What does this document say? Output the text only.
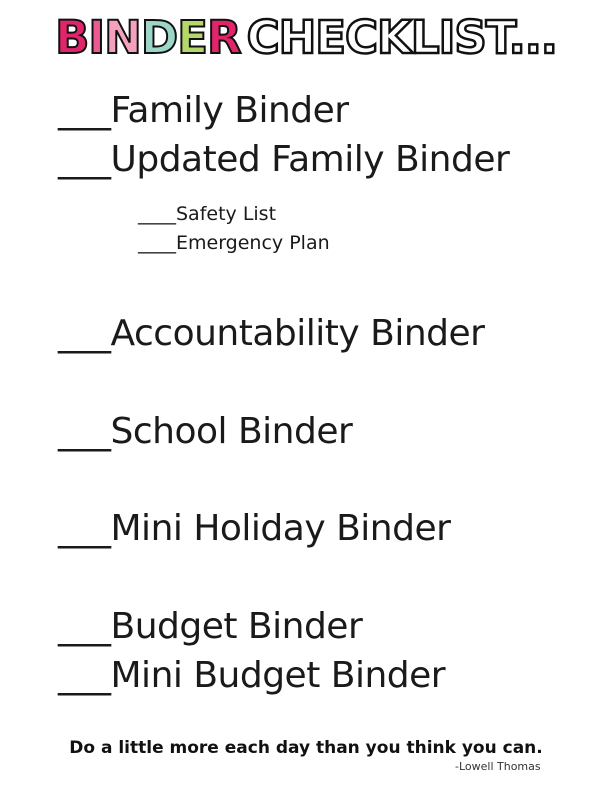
BINDER CHECKLIST...
___Family Binder
___Updated Family Binder
____Safety List
____Emergency Plan
___Accountability Binder
___School Binder
___Mini Holiday Binder
___Budget Binder
___Mini Budget Binder
Do a little more each day than you think you can.
-Lowell Thomas
